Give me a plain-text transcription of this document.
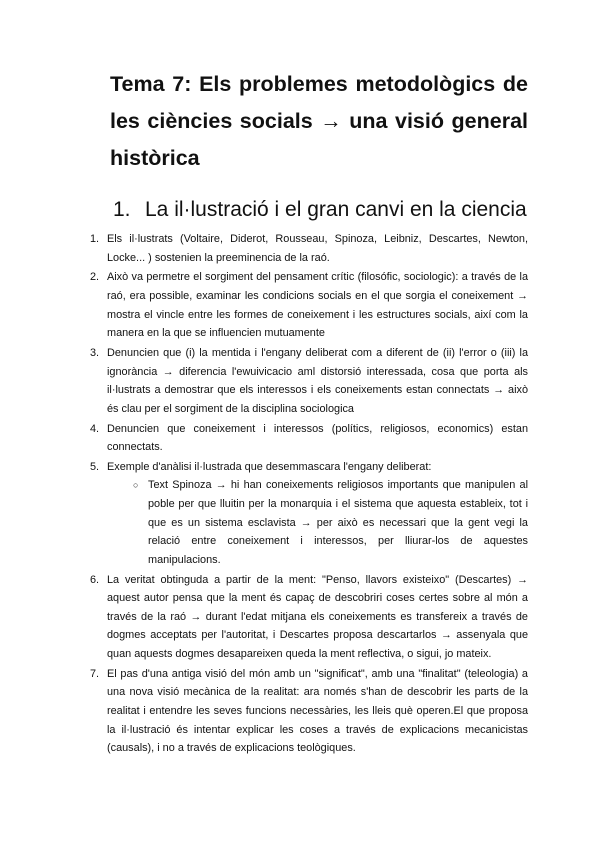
Tema 7: Els problemes metodològics de les ciències socials → una visió general històrica
1. La il·lustració i el gran canvi en la ciencia
1. Els il·lustrats (Voltaire, Diderot, Rousseau, Spinoza, Leibniz, Descartes, Newton, Locke... ) sostenien la preeminencia de la raó.
2. Això va permetre el sorgiment del pensament crític (filosófic, sociologic): a través de la raó, era possible, examinar les condicions socials en el que sorgia el coneixement → mostra el vincle entre les formes de coneixement i les estructures socials, així com la manera en la que se influencien mutuamente
3. Denuncien que (i) la mentida i l'engany deliberat com a diferent de (ii) l'error o (iii) la ignorància → diferencia l'ewuivicacio aml distorsió interessada, cosa que porta als il·lustrats a demostrar que els interessos i els coneixements estan connectats → això és clau per el sorgiment de la disciplina sociologica
4. Denuncien que coneixement i interessos (polítics, religiosos, economics) estan connectats.
5. Exemple d'anàlisi il·lustrada que desemmascara l'engany deliberat:
○ Text Spinoza → hi han coneixements religiosos importants que manipulen al poble per que lluitin per la monarquia i el sistema que aquesta estableix, tot i que es un sistema esclavista → per això es necessari que la gent vegi la relació entre coneixement i interessos, per lliurar-los de aquestes manipulacions.
6. La veritat obtinguda a partir de la ment: "Penso, llavors existeixo" (Descartes) → aquest autor pensa que la ment és capaç de descobriri coses certes sobre al món a través de la raó → durant l'edat mitjana els coneixements es transfereix a través de dogmes acceptats per l'autoritat, i Descartes proposa descartarlos → assenyala que quan aquests dogmes desapareixen queda la ment reflectiva, o sigui, jo mateix.
7. El pas d'una antiga visió del món amb un "significat", amb una "finalitat" (teleologia) a una nova visió mecànica de la realitat: ara només s'han de descobrir les parts de la realitat i entendre les seves funcions necessàries, les lleis què operen.El que proposa la il·lustració és intentar explicar les coses a través de explicacions mecanicistas (causals), i no a través de explicacions teològiques.
